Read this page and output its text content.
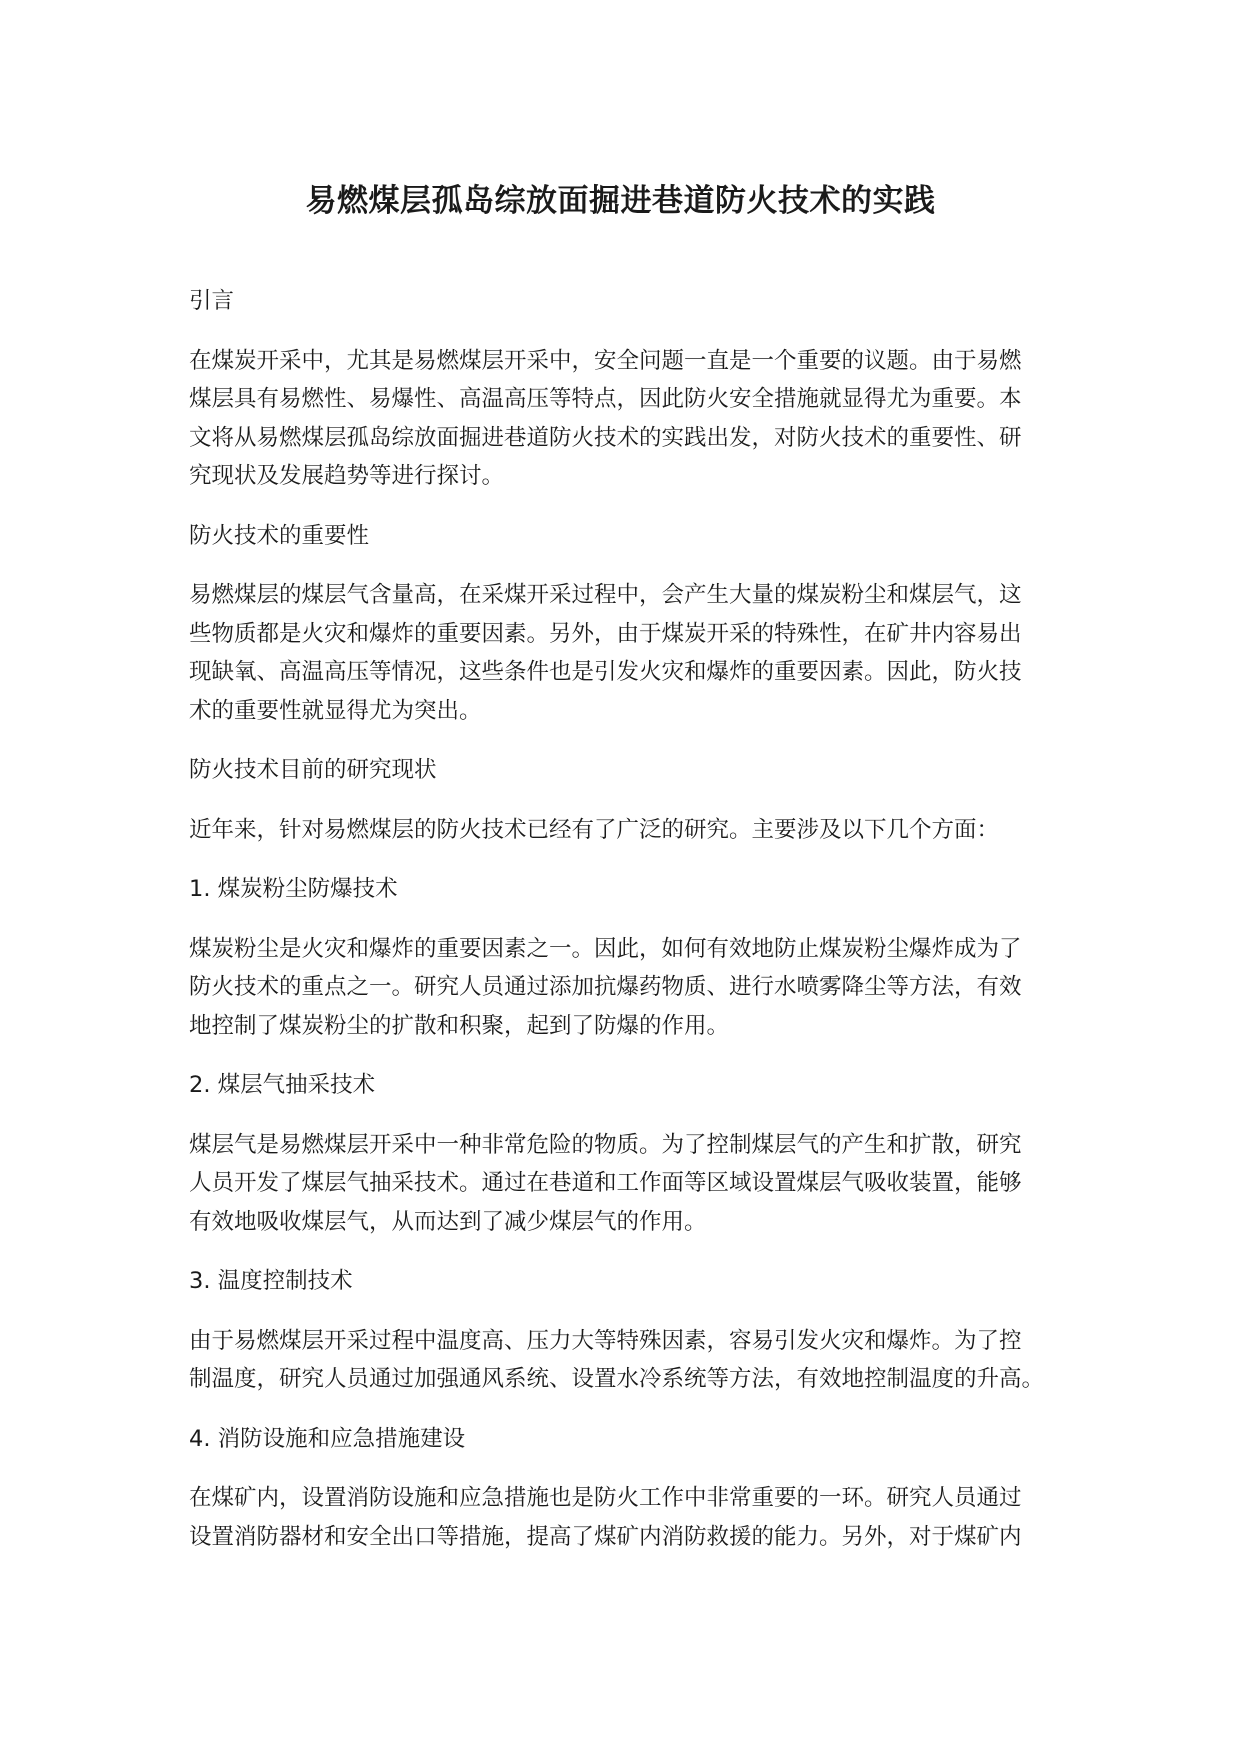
易燃煤层孤岛综放面掘进巷道防火技术的实践
引言

在煤炭开采中，尤其是易燃煤层开采中，安全问题一直是一个重要的议题。由于易燃
煤层具有易燃性、易爆性、高温高压等特点，因此防火安全措施就显得尤为重要。本
文将从易燃煤层孤岛综放面掘进巷道防火技术的实践出发，对防火技术的重要性、研
究现状及发展趋势等进行探讨。

防火技术的重要性

易燃煤层的煤层气含量高，在采煤开采过程中，会产生大量的煤炭粉尘和煤层气，这
些物质都是火灾和爆炸的重要因素。另外，由于煤炭开采的特殊性，在矿井内容易出
现缺氧、高温高压等情况，这些条件也是引发火灾和爆炸的重要因素。因此，防火技
术的重要性就显得尤为突出。

防火技术目前的研究现状

近年来，针对易燃煤层的防火技术已经有了广泛的研究。主要涉及以下几个方面：

1. 煤炭粉尘防爆技术

煤炭粉尘是火灾和爆炸的重要因素之一。因此，如何有效地防止煤炭粉尘爆炸成为了
防火技术的重点之一。研究人员通过添加抗爆药物质、进行水喷雾降尘等方法，有效
地控制了煤炭粉尘的扩散和积聚，起到了防爆的作用。

2. 煤层气抽采技术

煤层气是易燃煤层开采中一种非常危险的物质。为了控制煤层气的产生和扩散，研究
人员开发了煤层气抽采技术。通过在巷道和工作面等区域设置煤层气吸收装置，能够
有效地吸收煤层气，从而达到了减少煤层气的作用。

3. 温度控制技术

由于易燃煤层开采过程中温度高、压力大等特殊因素，容易引发火灾和爆炸。为了控
制温度，研究人员通过加强通风系统、设置水冷系统等方法，有效地控制温度的升高。

4. 消防设施和应急措施建设

在煤矿内，设置消防设施和应急措施也是防火工作中非常重要的一环。研究人员通过
设置消防器材和安全出口等措施，提高了煤矿内消防救援的能力。另外，对于煤矿内
